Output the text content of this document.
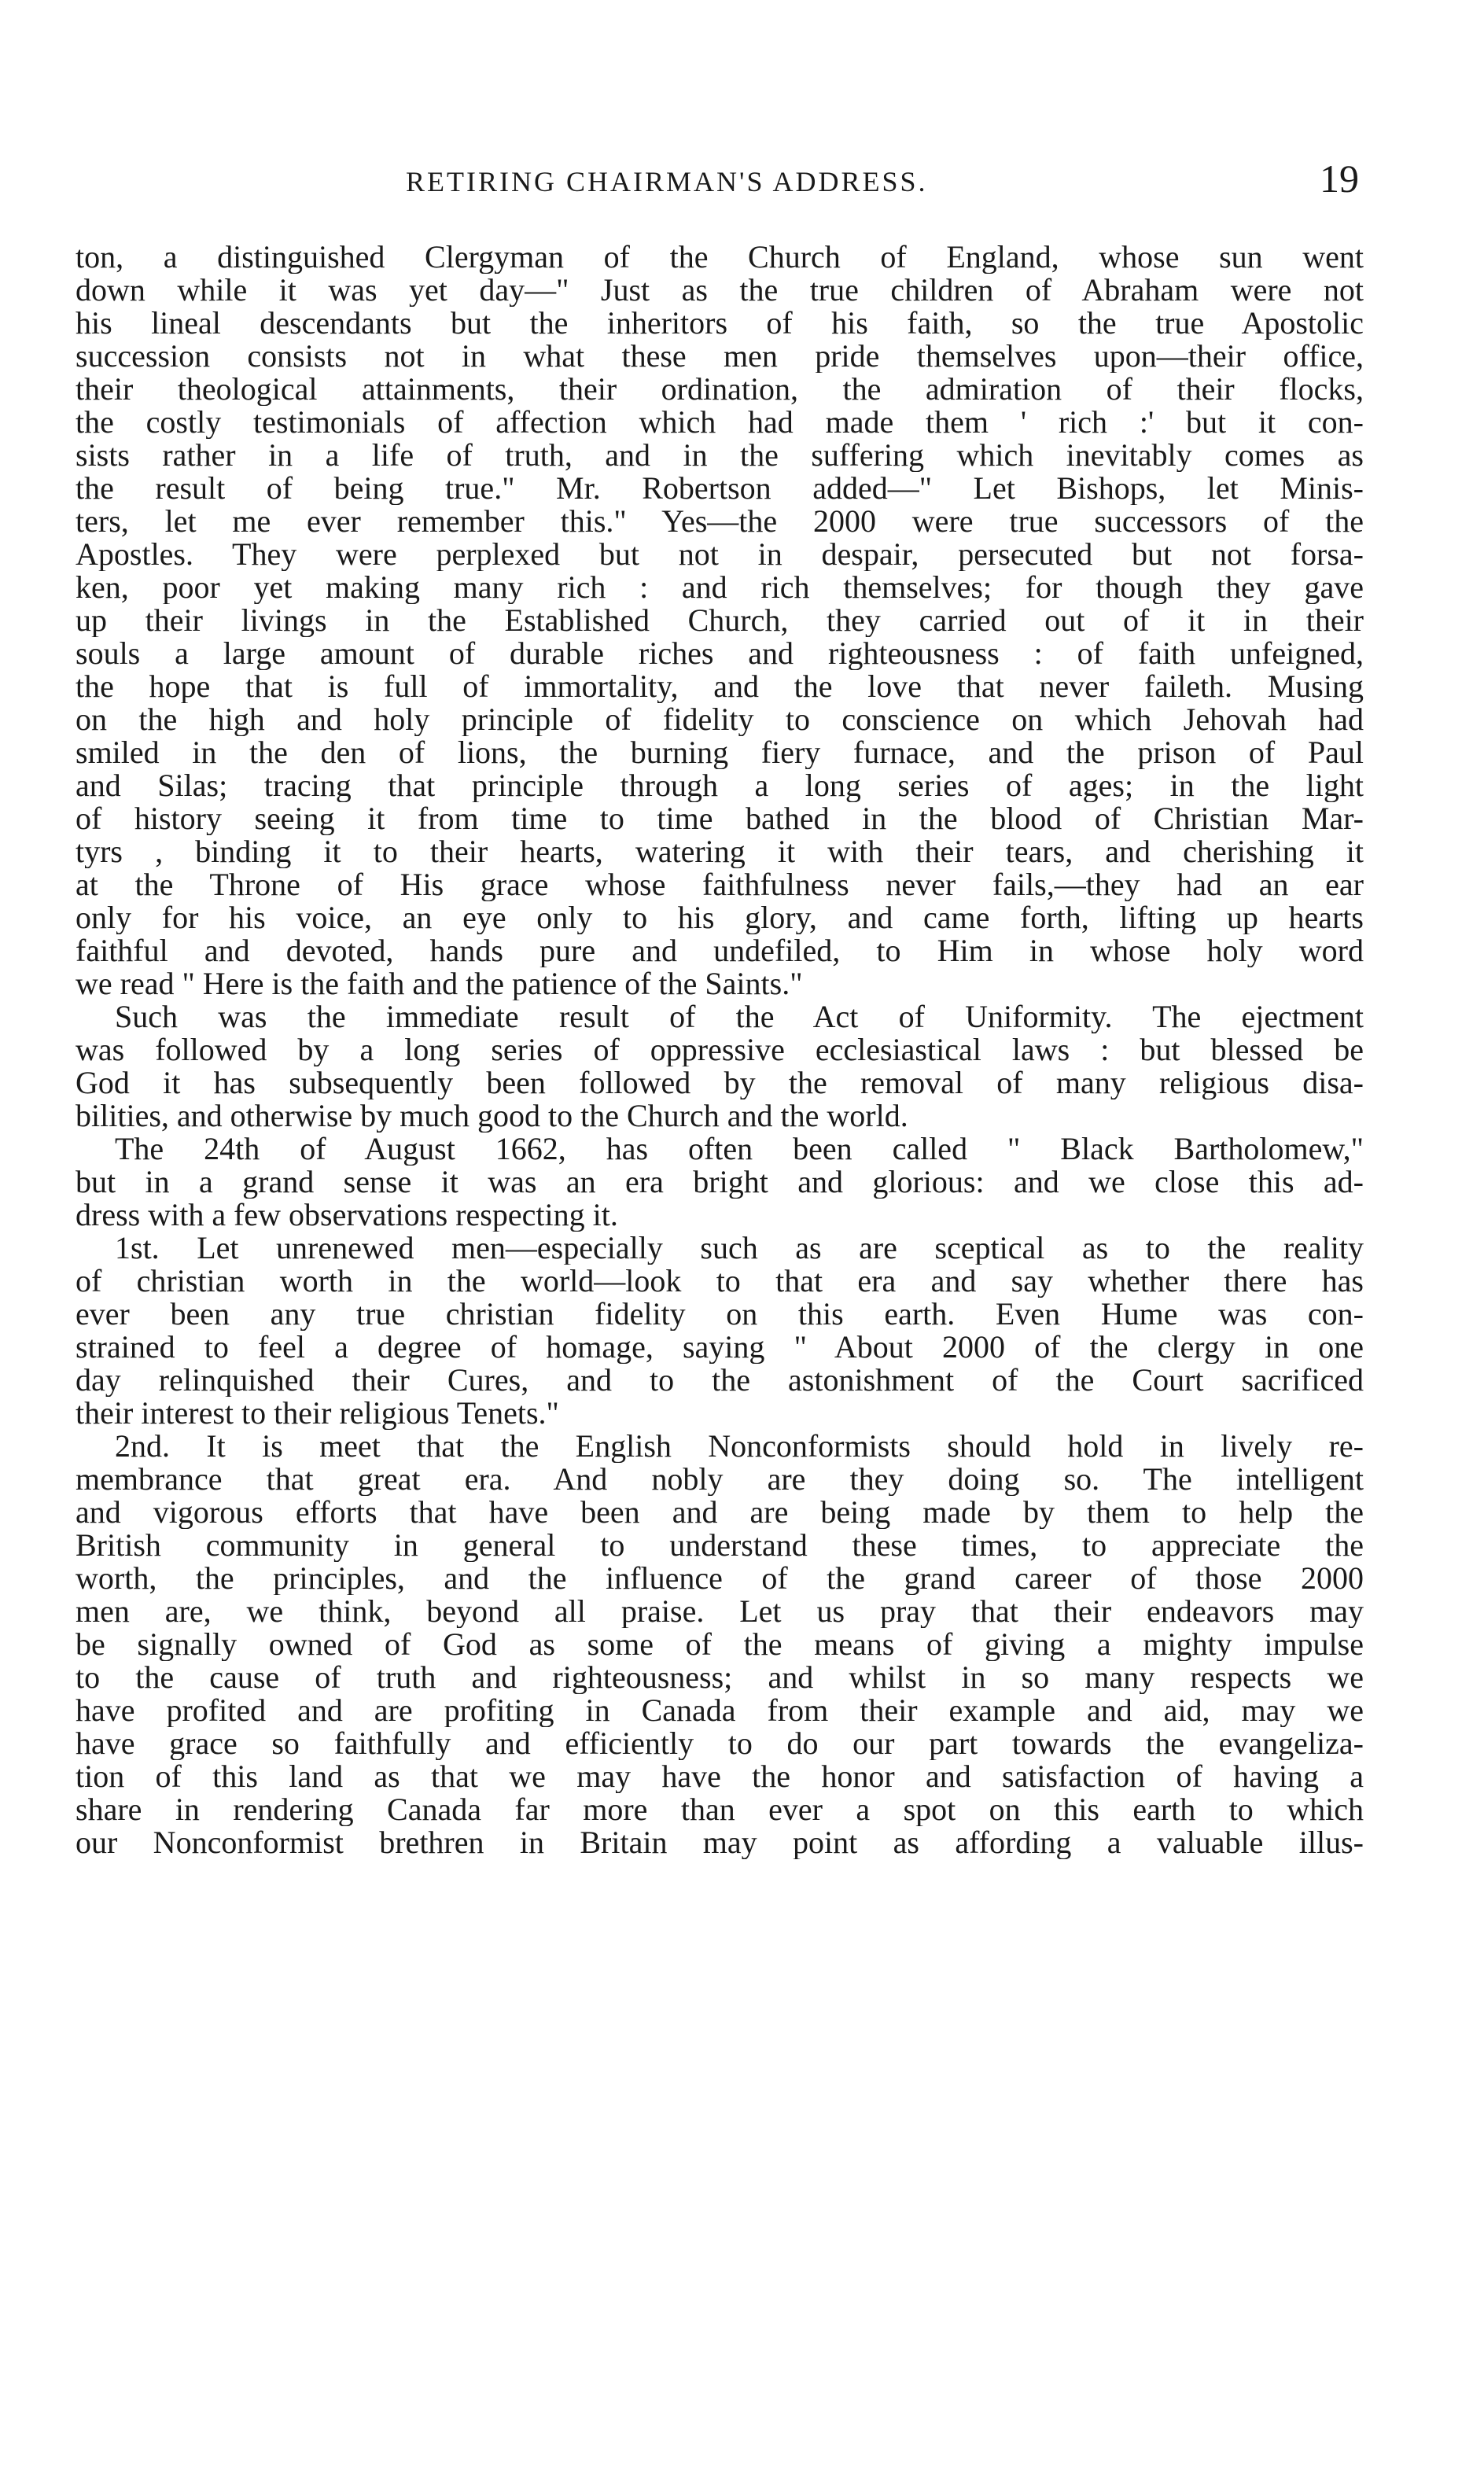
RETIRING CHAIRMAN'S ADDRESS.	19
ton, a distinguished Clergyman of the Church of England, whose sun went
down while it was yet day—" Just as the true children of Abraham were not
his lineal descendants but the inheritors of his faith, so the true Apostolic
succession consists not in what these men pride themselves upon—their office,
their theological attainments, their ordination, the admiration of their flocks,
the costly testimonials of affection which had made them ' rich :' but it con-
sists rather in a life of truth, and in the suffering which inevitably comes as
the result of being true." Mr. Robertson added—" Let Bishops, let Minis-
ters, let me ever remember this." Yes—the 2000 were true successors of the
Apostles. They were perplexed but not in despair, persecuted but not forsa-
ken, poor yet making many rich : and rich themselves; for though they gave
up their livings in the Established Church, they carried out of it in their
souls a large amount of durable riches and righteousness : of faith unfeigned,
the hope that is full of immortality, and the love that never faileth. Musing
on the high and holy principle of fidelity to conscience on which Jehovah had
smiled in the den of lions, the burning fiery furnace, and the prison of Paul
and Silas; tracing that principle through a long series of ages; in the light
of history seeing it from time to time bathed in the blood of Christian Mar-
tyrs , binding it to their hearts, watering it with their tears, and cherishing it
at the Throne of His grace whose faithfulness never fails,—they had an ear
only for his voice, an eye only to his glory, and came forth, lifting up hearts
faithful and devoted, hands pure and undefiled, to Him in whose holy word
we read " Here is the faith and the patience of the Saints."
Such was the immediate result of the Act of Uniformity. The ejectment
was followed by a long series of oppressive ecclesiastical laws : but blessed be
God it has subsequently been followed by the removal of many religious disa-
bilities, and otherwise by much good to the Church and the world.
The 24th of August 1662, has often been called " Black Bartholomew,"
but in a grand sense it was an era bright and glorious: and we close this ad-
dress with a few observations respecting it.
1st. Let unrenewed men—especially such as are sceptical as to the reality
of christian worth in the world—look to that era and say whether there has
ever been any true christian fidelity on this earth. Even Hume was con-
strained to feel a degree of homage, saying " About 2000 of the clergy in one
day relinquished their Cures, and to the astonishment of the Court sacrificed
their interest to their religious Tenets."
2nd. It is meet that the English Nonconformists should hold in lively re-
membrance that great era. And nobly are they doing so. The intelligent
and vigorous efforts that have been and are being made by them to help the
British community in general to understand these times, to appreciate the
worth, the principles, and the influence of the grand career of those 2000
men are, we think, beyond all praise. Let us pray that their endeavors may
be signally owned of God as some of the means of giving a mighty impulse
to the cause of truth and righteousness; and whilst in so many respects we
have profited and are profiting in Canada from their example and aid, may we
have grace so faithfully and efficiently to do our part towards the evangeliza-
tion of this land as that we may have the honor and satisfaction of having a
share in rendering Canada far more than ever a spot on this earth to which
our Nonconformist brethren in Britain may point as affording a valuable illus-
